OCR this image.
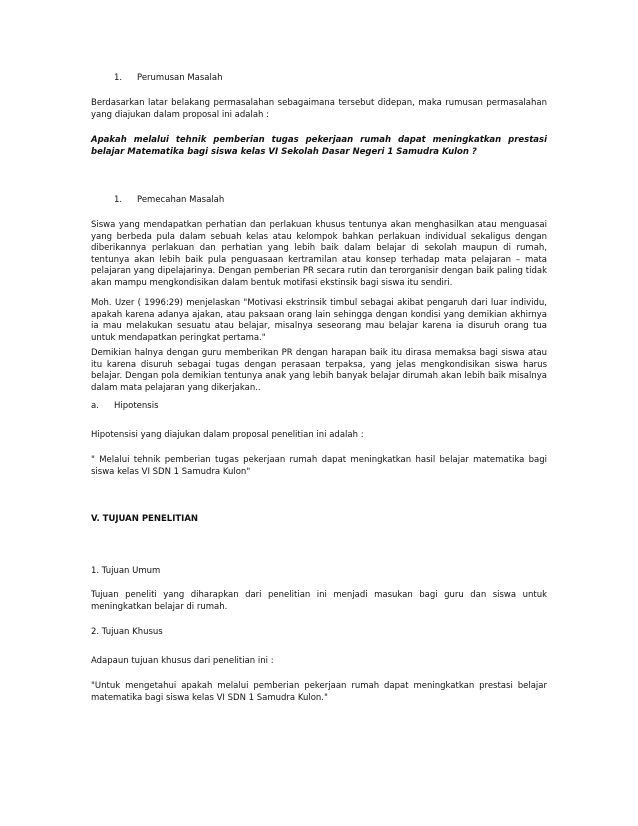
1. Perumusan Masalah

Berdasarkan latar belakang permasalahan sebagaimana tersebut didepan, maka rumusan permasalahan yang diajukan dalam proposal ini adalah :

Apakah melalui tehnik pemberian tugas pekerjaan rumah dapat meningkatkan prestasi belajar Matematika bagi siswa kelas VI Sekolah Dasar Negeri 1 Samudra Kulon ?

1. Pemecahan Masalah

Siswa yang mendapatkan perhatian dan perlakuan khusus tentunya akan menghasilkan atau menguasai yang berbeda pula dalam sebuah kelas atau kelompok bahkan perlakuan individual sekaligus dengan diberikannya perlakuan dan perhatian yang lebih baik dalam belajar di sekolah maupun di rumah, tentunya akan lebih baik pula penguasaan kertramilan atau konsep terhadap mata pelajaran – mata pelajaran yang dipelajarinya. Dengan pemberian PR secara rutin dan terorganisir dengan baik paling tidak akan mampu mengkondisikan dalam bentuk motifasi ekstinsik bagi siswa itu sendiri.

Moh. Uzer ( 1996:29) menjelaskan "Motivasi ekstrinsik timbul sebagai akibat pengaruh dari luar individu, apakah karena adanya ajakan, atau paksaan orang lain sehingga dengan kondisi yang demikian akhirnya ia mau melakukan sesuatu atau belajar, misalnya seseorang mau belajar karena ia disuruh orang tua untuk mendapatkan peringkat pertama."

Demikian halnya dengan guru memberikan PR dengan harapan baik itu dirasa memaksa bagi siswa atau itu karena disuruh sebagai tugas dengan perasaan terpaksa, yang jelas mengkondisikan siswa harus belajar. Dengan pola demikian tentunya anak yang lebih banyak belajar dirumah akan lebih baik misalnya dalam mata pelajaran yang dikerjakan..

a. Hipotensis

Hipotensisi yang diajukan dalam proposal penelitian ini adalah :

" Melalui tehnik pemberian tugas pekerjaan rumah dapat meningkatkan hasil belajar matematika bagi siswa kelas VI SDN 1 Samudra Kulon"

V. TUJUAN PENELITIAN

1. Tujuan Umum

Tujuan peneliti yang diharapkan dari penelitian ini menjadi masukan bagi guru dan siswa untuk meningkatkan belajar di rumah.

2. Tujuan Khusus

Adapaun tujuan khusus dari penelitian ini :

"Untuk mengetahui apakah melalui pemberian pekerjaan rumah dapat meningkatkan prestasi belajar matematika bagi siswa kelas VI SDN 1 Samudra Kulon."
